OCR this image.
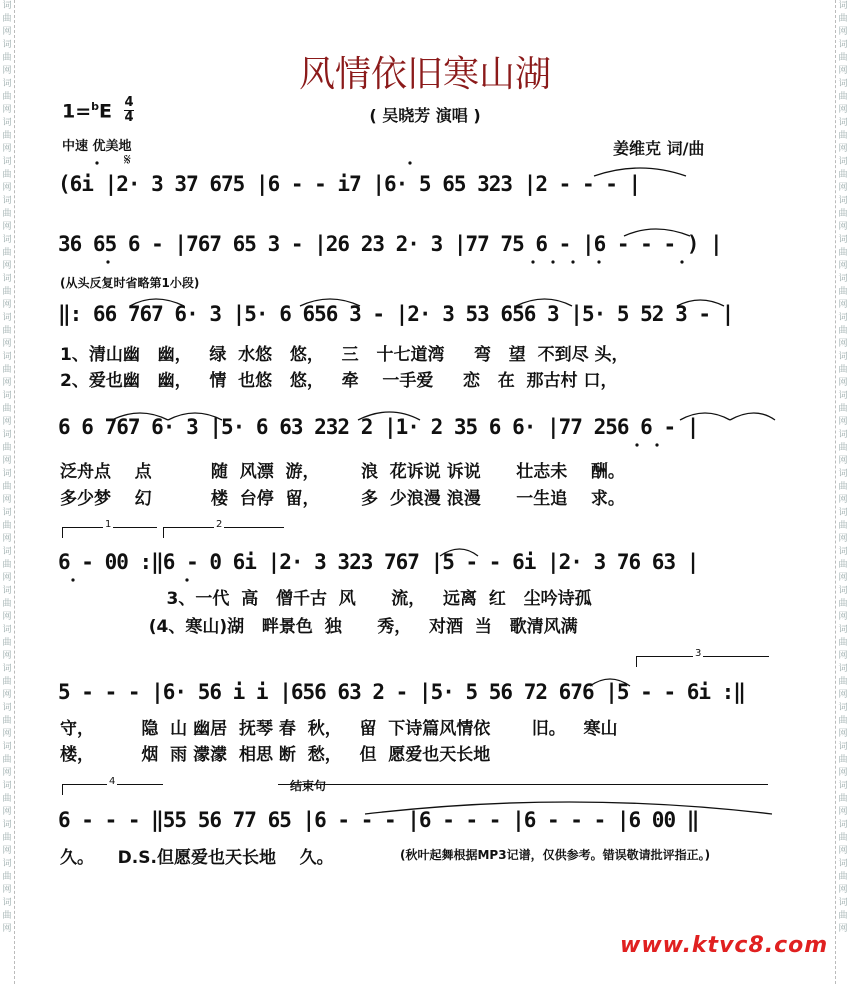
词曲网词曲网词曲网词曲网词曲网词曲网词曲网词曲网词曲网词曲网词曲网词曲网词曲网词曲网词曲网词曲网词曲网词曲网词曲网词曲网词曲网词曲网词曲网词曲网
词曲网词曲网词曲网词曲网词曲网词曲网词曲网词曲网词曲网词曲网词曲网词曲网词曲网词曲网词曲网词曲网词曲网词曲网词曲网词曲网词曲网词曲网词曲网词曲网
风情依旧寒山湖
( 吴晓芳 演唱 )
1=$^b$E 4
4
中速 优美地
𝄋
姜维克 词/曲
(6i |2· 3 37 675 |6 - - i7 |6· 5 65 323 |2 - - - |
36 65 6 - |767 65 3 - |26 23 2· 3 |77 75 6 - |6 - - - ) |
(从头反复时省略第1小段)
‖: 66 767 6· 3 |5· 6 656 3 - |2· 3 53 656 3 |5· 5 52 3 - |
1、清山幽   幽，   绿  水悠   悠，   三   十七道湾     弯   望  不到尽 头，
2、爱也幽   幽，   情  也悠   悠，   牵    一手爱     恋   在  那古村 口，
6 6 767 6· 3 |5· 6 63 232 2 |1· 2 35 6 6· |77 256 6 - |
泛舟点    点          随  风漂  游，       浪  花诉说 诉说      壮志未    酬。
多少梦    幻          楼  台停  留，       多  少浪漫 浪漫      一生追    求。
1	2
6 - 00 :‖6 - 0 6i |2· 3 323 767 |5 - - 6i |2· 3 76 63 |
3、一代  高   僧千古  风      流，   远离  红   尘吟诗孤
(4、寒山)湖   畔景色  独      秀，   对酒  当   歌清风满
3
5 - - - |6· 56 i i |656 63 2 - |5· 5 56 72 676 |5 - - 6i :‖
守，        隐  山 幽居  抚琴 春  秋，   留  下诗篇风情依       旧。   寒山
楼，        烟  雨 濛濛  相思 断  愁，   但  愿爱也天长地
4	结束句
6 - - - ‖55 56 77 65 |6 - - - |6 - - - |6 - - - |6 00 ‖
久。    D.S.但愿爱也天长地    久。	(秋叶起舞根据MP3记谱，仅供参考。错误敬请批评指正。)
www.ktvc8.com
